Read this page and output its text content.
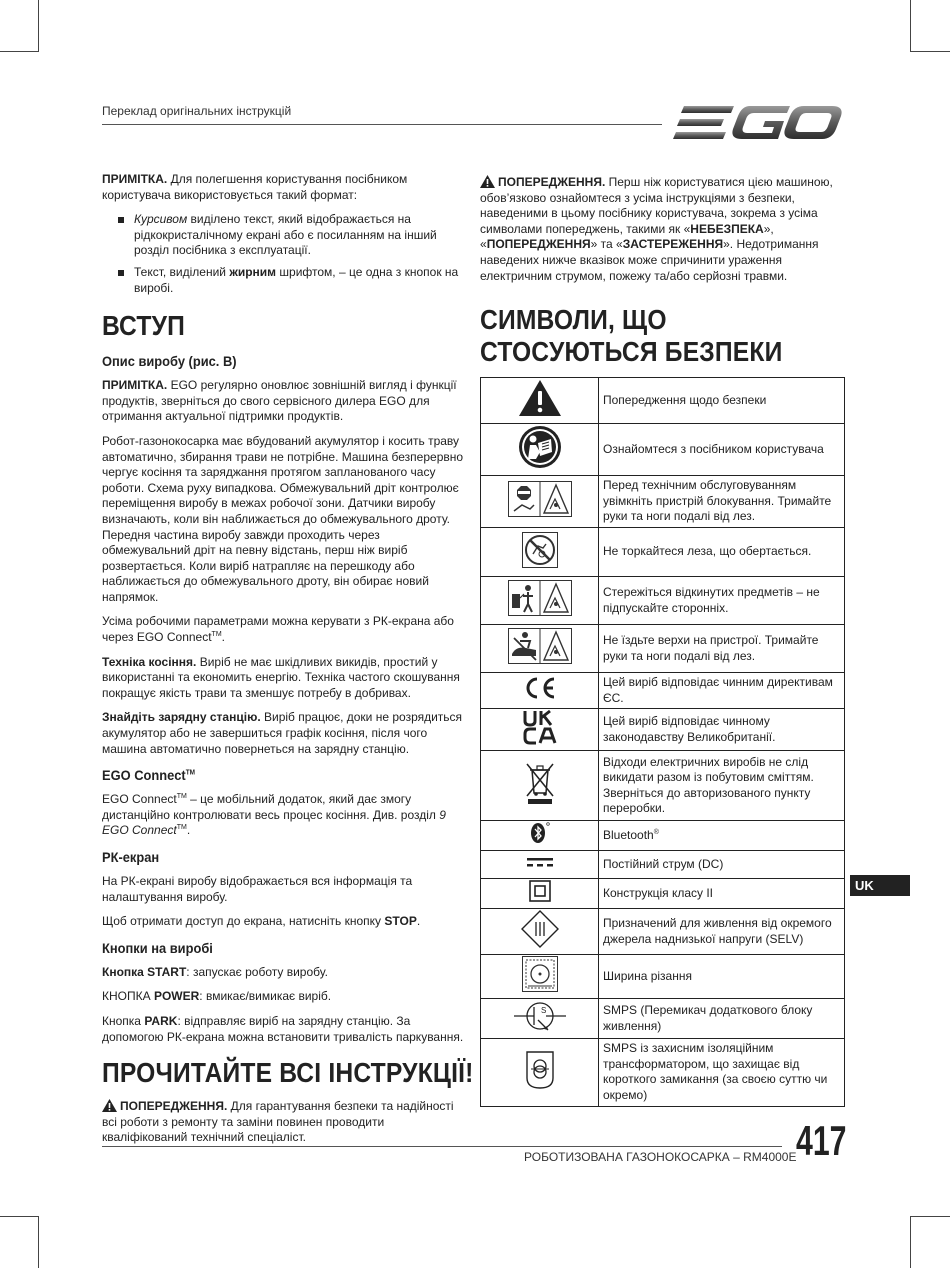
Переклад оригінальних інструкцій

ПРИМІТКА. Для полегшення користування посібником користувача використовується такий формат:

Курсивом виділено текст, який відображається на рідкокристалічному екрані або є посиланням на інший розділ посібника з експлуатації.
Текст, виділений жирним шрифтом, – це одна з кнопок на виробі.
ВСТУП
Опис виробу (рис. B)

ПРИМІТКА. EGO регулярно оновлює зовнішній вигляд і функції продуктів, зверніться до свого сервісного дилера EGO для отримання актуальної підтримки продуктів.

Робот-газонокосарка має вбудований акумулятор і косить траву автоматично, збирання трави не потрібне. Машина безперервно чергує косіння та заряджання протягом запланованого часу роботи. Схема руху випадкова. Обмежувальний дріт контролює переміщення виробу в межах робочої зони. Датчики виробу визначають, коли він наближається до обмежувального дроту. Передня частина виробу завжди проходить через обмежувальний дріт на певну відстань, перш ніж виріб розвертається. Коли виріб натрапляє на перешкоду або наближається до обмежувального дроту, він обирає новий напрямок.

Усіма робочими параметрами можна керувати з РК-екрана або через EGO Connect™.

Техніка косіння. Виріб не має шкідливих викидів, простий у використанні та економить енергію. Техніка частого скошування покращує якість трави та зменшує потребу в добривах.

Знайдіть зарядну станцію. Виріб працює, доки не розрядиться акумулятор або не завершиться графік косіння, після чого машина автоматично повернеться на зарядну станцію.

EGO Connect™

EGO Connect™ – це мобільний додаток, який дає змогу дистанційно контролювати весь процес косіння. Див. розділ 9 EGO Connect™.

РК-екран

На РК-екрані виробу відображається вся інформація та налаштування виробу.

Щоб отримати доступ до екрана, натисніть кнопку STOP.

Кнопки на виробі

Кнопка START: запускає роботу виробу.

КНОПКА POWER: вмикає/вимикає виріб.

Кнопка PARK: відправляє виріб на зарядну станцію. За допомогою РК-екрана можна встановити тривалість паркування.

ПРОЧИТАЙТЕ ВСІ ІНСТРУКЦІЇ!

ПОПЕРЕДЖЕННЯ. Для гарантування безпеки та надійності всі роботи з ремонту та заміни повинен проводити кваліфікований технічний спеціаліст.

ПОПЕРЕДЖЕННЯ. Перш ніж користуватися цією машиною, обов’язково ознайомтеся з усіма інструкціями з безпеки, наведеними в цьому посібнику користувача, зокрема з усіма символами попереджень, такими як «НЕБЕЗПЕКА», «ПОПЕРЕДЖЕННЯ» та «ЗАСТЕРЕЖЕННЯ». Недотримання наведених нижче вказівок може спричинити ураження електричним струмом, пожежу та/або серйозні травми.

СИМВОЛИ, ЩО СТОСУЮТЬСЯ БЕЗПЕКИ
	Попередження щодо безпеки
	Ознайомтеся з посібником користувача
	Перед технічним обслуговуванням увімкніть пристрій блокування. Тримайте руки та ноги подалі від лез.
	Не торкайтеся леза, що обертається.
	Стережіться відкинутих предметів – не підпускайте сторонніх.
	Не їздьте верхи на пристрої. Тримайте руки та ноги подалі від лез.
	Цей виріб відповідає чинним директивам ЄС.
	Цей виріб відповідає чинному законодавству Великобританії.
	Відходи електричних виробів не слід викидати разом із побутовим сміттям. Зверніться до авторизованого пункту переробки.
	Bluetooth®
	Постійний струм (DC)
	Конструкція класу II
	Призначений для живлення від окремого джерела наднизької напруги (SELV)
	Ширина різання

S	SMPS (Перемикач додаткового блоку живлення)
	SMPS із захисним ізоляційним трансформатором, що захищає від короткого замикання (за своєю суттю чи окремо)
UK
РОБОТИЗОВАНА ГАЗОНОКОСАРКА – RM4000E 417
